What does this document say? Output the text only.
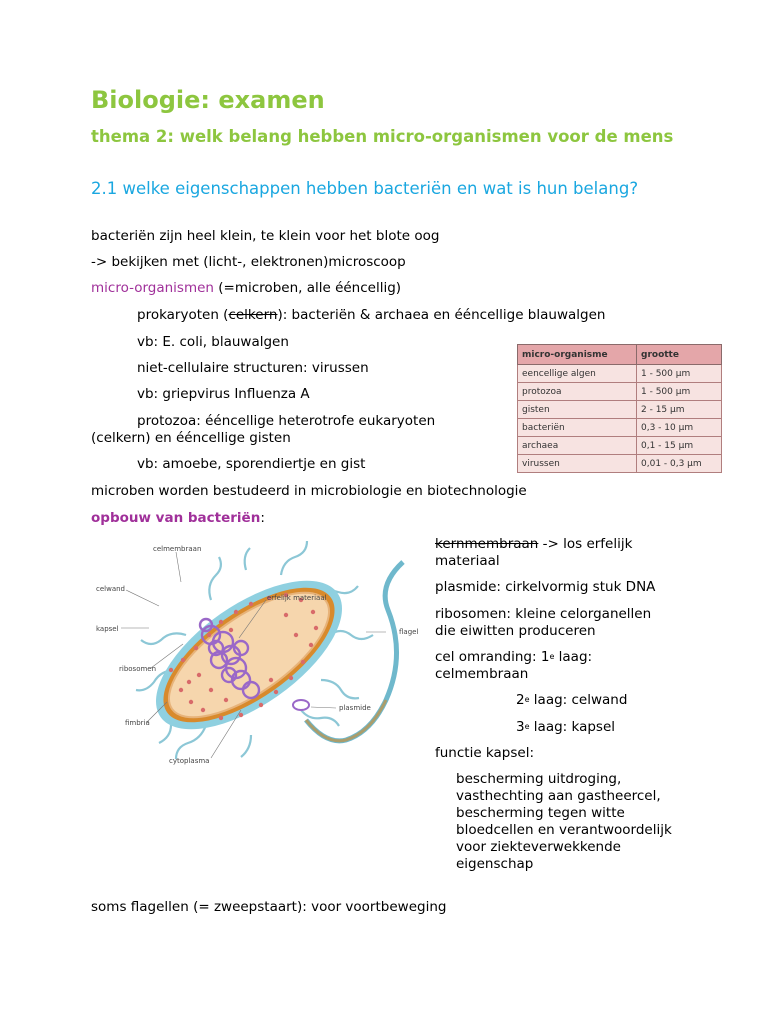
Biologie: examen
thema 2: welk belang hebben micro-organismen voor de mens
2.1 welke eigenschappen hebben bacteriën en wat is hun belang?
bacteriën zijn heel klein, te klein voor het blote oog
-> bekijken met (licht-, elektronen)microscoop
micro-organismen (=microben, alle ééncellig)
prokaryoten (celkern): bacteriën & archaea en ééncellige blauwalgen
vb: E. coli, blauwalgen
niet-cellulaire structuren: virussen
vb: griepvirus Influenza A
protozoa: ééncellige heterotrofe eukaryoten
(celkern) en ééncellige gisten
vb: amoebe, sporendiertje en gist
microben worden bestudeerd in microbiologie en biotechnologie
micro-organisme	grootte
eencellige algen	1 - 500 µm
protozoa	1 - 500 µm
gisten	2 - 15 µm
bacteriën	0,3 - 10 µm
archaea	0,1 - 15 µm
virussen	0,01 - 0,3 µm
opbouw van bacteriën:
celmembraan
celwand
kapsel
ribosomen
fimbria
cytoplasma
erfelijk materiaal
flagel
plasmide
kernmembraan -> los erfelijk materiaal
plasmide: cirkelvormig stuk DNA
ribosomen: kleine celorganellen die eiwitten produceren
cel omranding: 1e laag: celmembraan
2e laag: celwand
3e laag: kapsel
functie kapsel:
bescherming uitdroging, vasthechting aan gastheercel, bescherming tegen witte bloedcellen en verantwoordelijk voor ziekteverwekkende eigenschap
soms flagellen (= zweepstaart): voor voortbeweging
